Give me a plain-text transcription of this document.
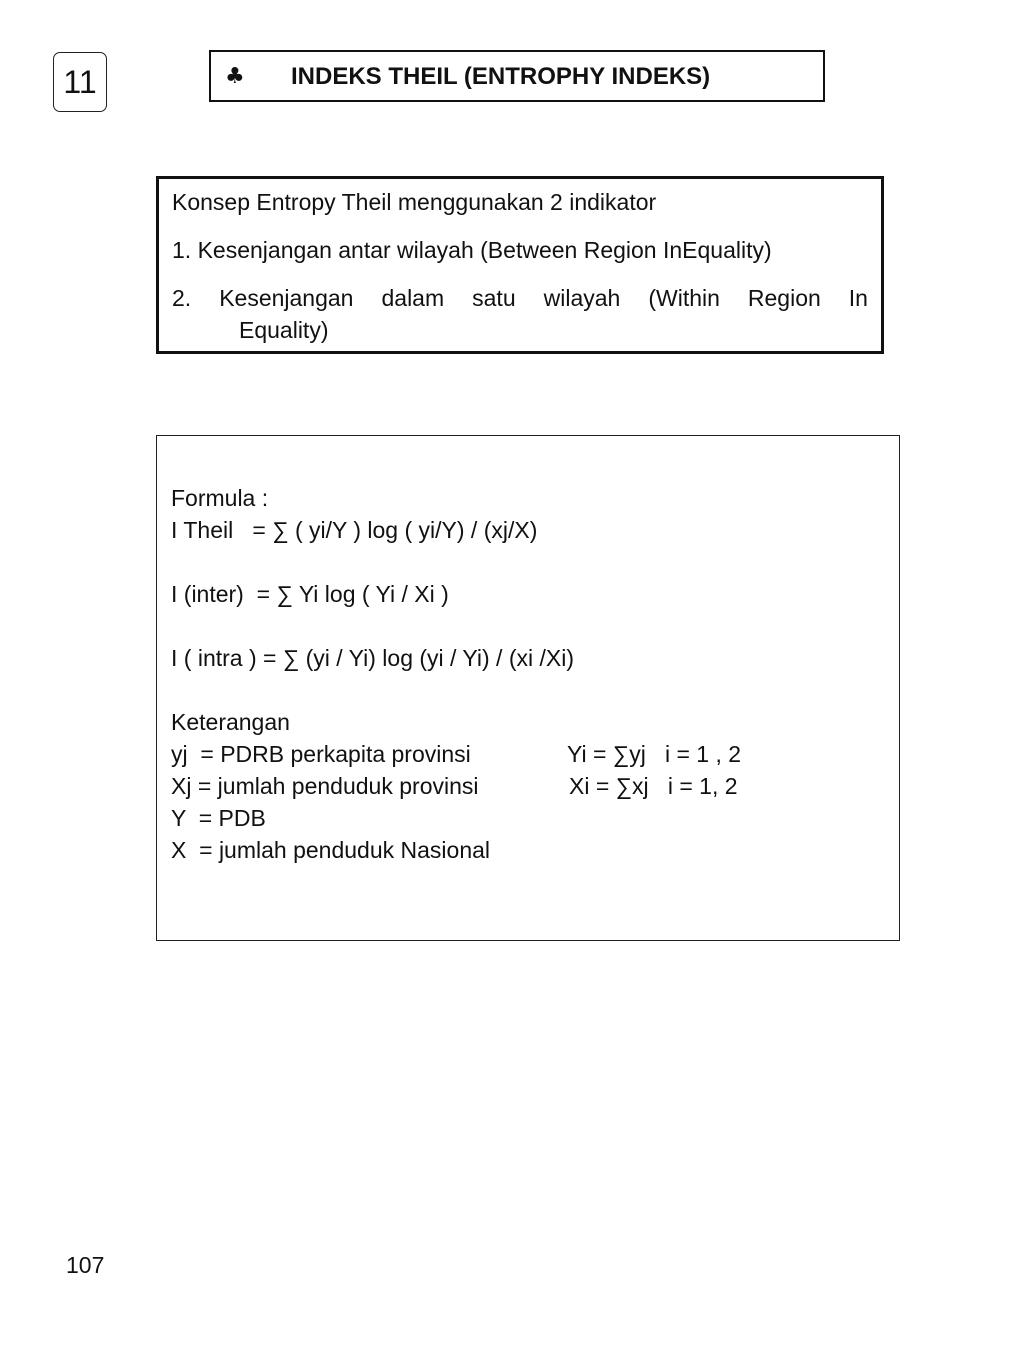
11	♣ INDEKS THEIL (ENTROPHY INDEKS)
Konsep Entropy Theil menggunakan 2 indikator
1. Kesenjangan antar wilayah (Between Region InEquality)
2. Kesenjangan dalam satu wilayah (Within Region In
Equality)
Formula :
I Theil   = ∑ ( yi/Y ) log ( yi/Y) / (xj/X)
I (inter)  = ∑ Yi log ( Yi / Xi )
I ( intra ) = ∑ (yi / Yi) log (yi / Yi) / (xi /Xi)
Keterangan
yj  = PDRB perkapita provinsi	Yi = ∑yj   i = 1 , 2
Xj = jumlah penduduk provinsi	Xi = ∑xj   i = 1, 2
Y  = PDB
X  = jumlah penduduk Nasional
107
